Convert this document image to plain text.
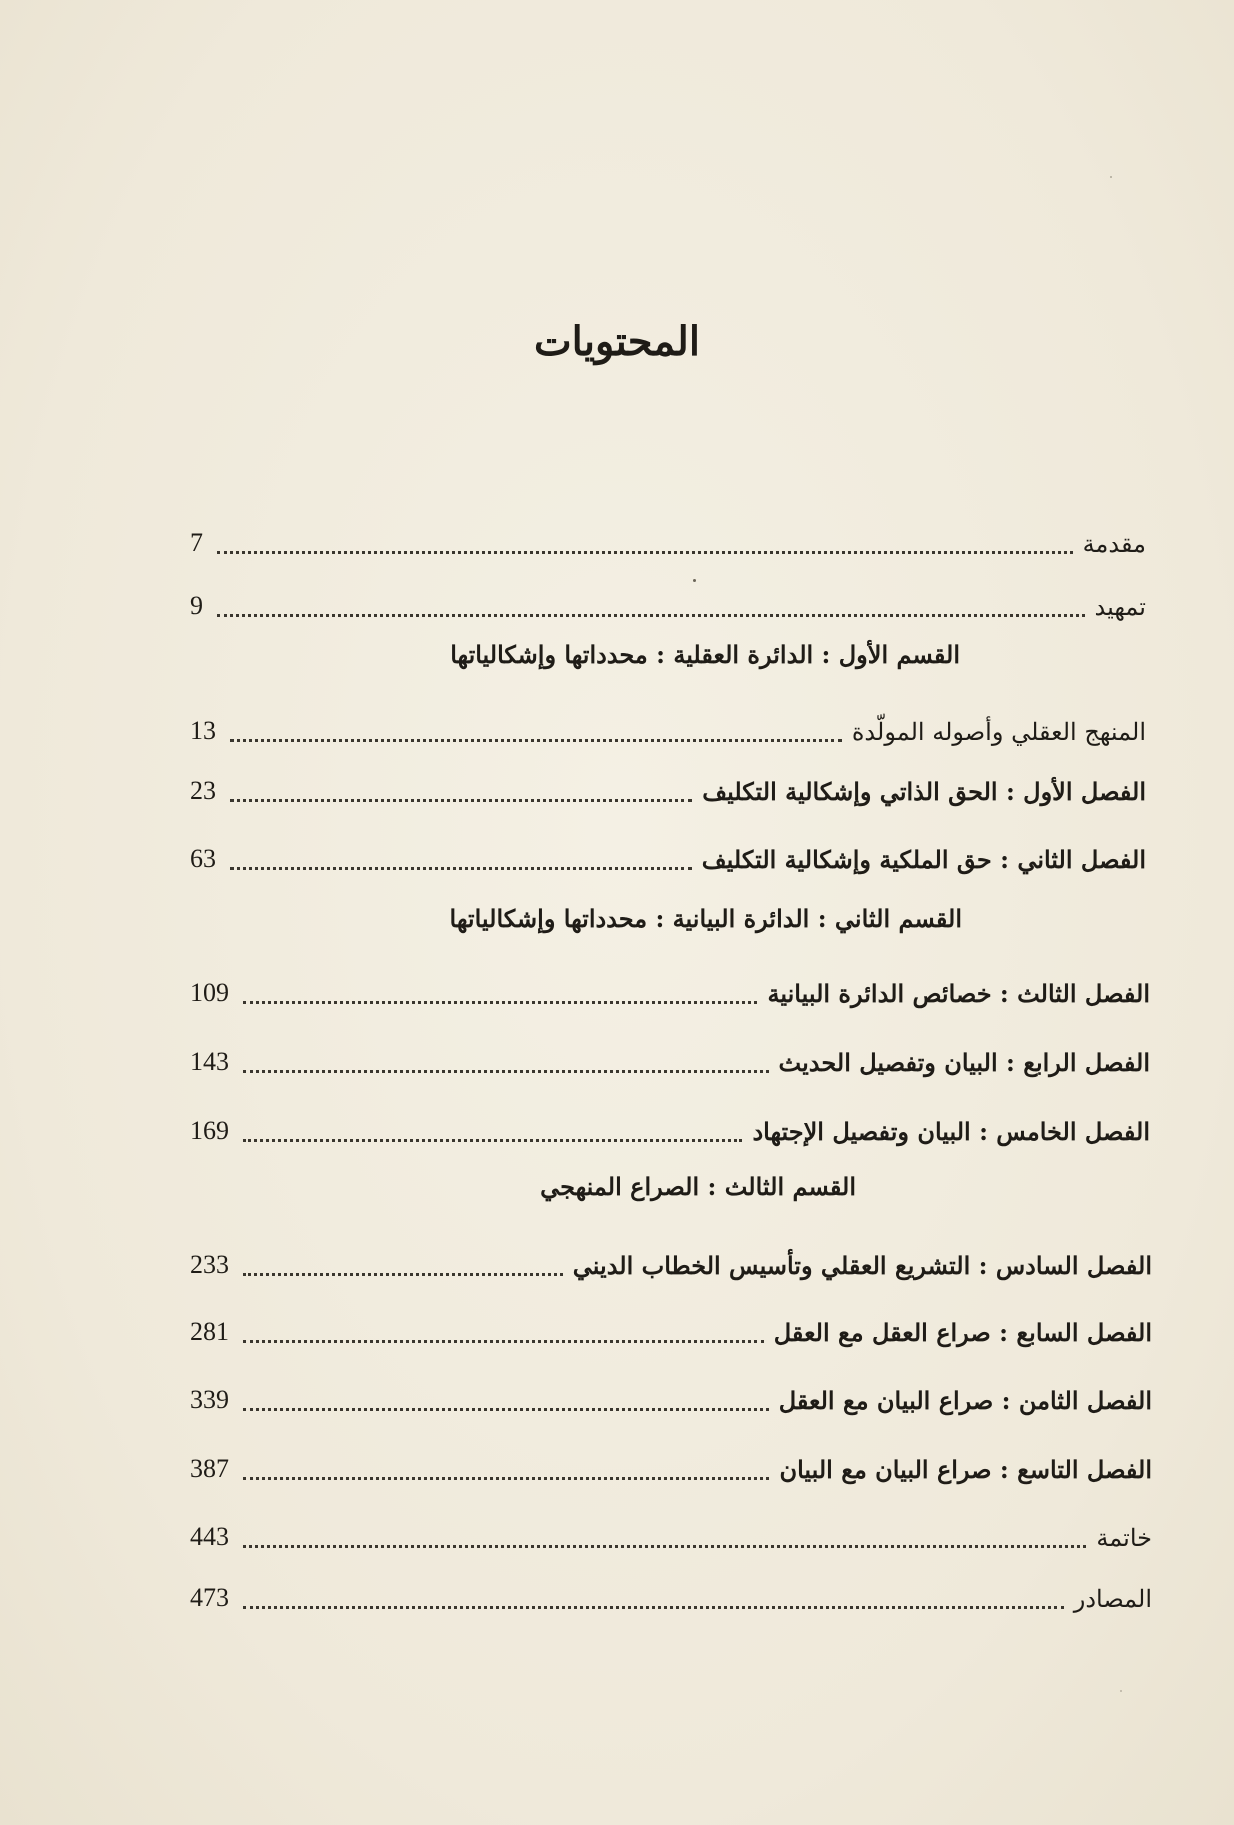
المحتويات
مقدمة
7
تمهيد
9
القسم الأول : الدائرة العقلية : محدداتها وإشكالياتها
المنهج العقلي وأصوله المولّدة
13
الفصل الأول : الحق الذاتي وإشكالية التكليف
23
الفصل الثاني : حق الملكية وإشكالية التكليف
63
القسم الثاني : الدائرة البيانية : محدداتها وإشكالياتها
الفصل الثالث : خصائص الدائرة البيانية
109
الفصل الرابع : البيان وتفصيل الحديث
143
الفصل الخامس : البيان وتفصيل الإجتهاد
169
القسم الثالث : الصراع المنهجي
الفصل السادس : التشريع العقلي وتأسيس الخطاب الديني
233
الفصل السابع : صراع العقل مع العقل
281
الفصل الثامن : صراع البيان مع العقل
339
الفصل التاسع : صراع البيان مع البيان
387
خاتمة
443
المصادر
473
